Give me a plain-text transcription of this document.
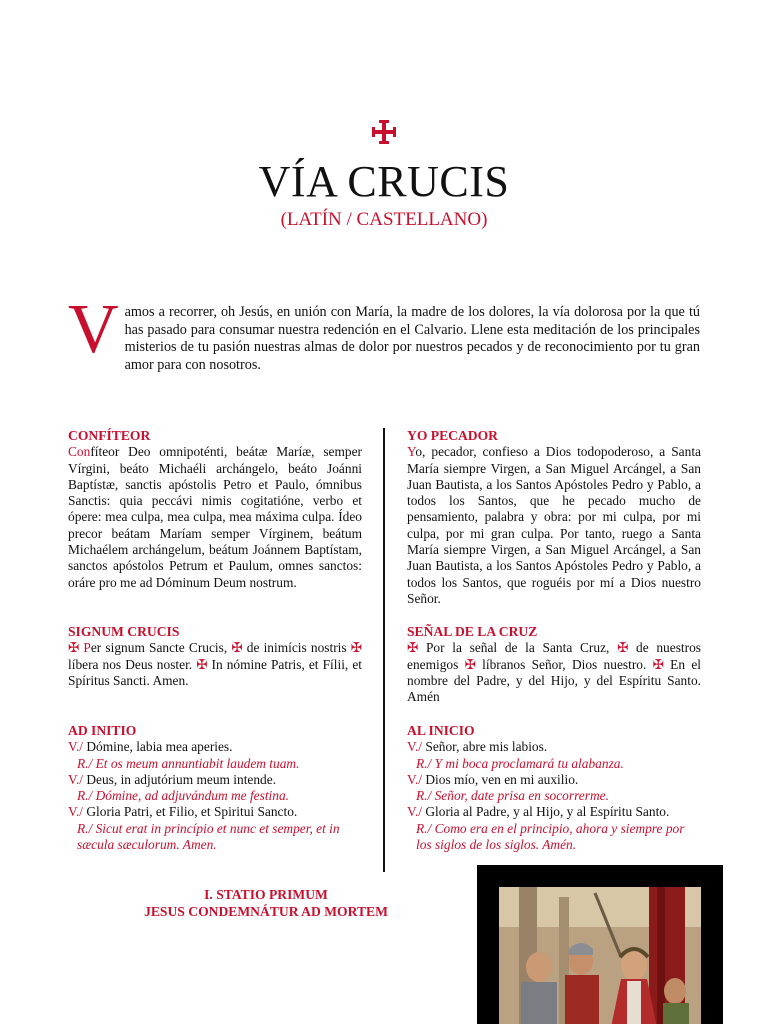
VÍA CRUCIS
(LATÍN / CASTELLANO)
V amos a recorrer, oh Jesús, en unión con María, la madre de los dolores, la vía dolorosa por la que tú has pasado para consumar nuestra redención en el Calvario. Llene esta meditación de los principales misterios de tu pasión nuestras almas de dolor por nuestros pecados y de reconocimiento por tu gran amor para con nosotros.
CONFÍTEOR

Confíteor Deo omnipoténti, beátæ Maríæ, semper Vírgini, beáto Michaéli archángelo, beáto Joánni Baptístæ, sanctis apóstolis Petro et Paulo, ómnibus Sanctis: quia peccávi nimis cogitatióne, verbo et ópere: mea culpa, mea culpa, mea máxima culpa. Ídeo precor beátam Maríam semper Vírginem, beátum Michaélem archángelum, beátum Joánnem Baptístam, sanctos apóstolos Petrum et Paulum, omnes sanctos: oráre pro me ad Dóminum Deum nostrum.

SIGNUM CRUCIS

✠ Per signum Sancte Crucis, ✠ de inimícis nostris ✠ líbera nos Deus noster. ✠ In nómine Patris, et Fílii, et Spíritus Sancti. Amen.

AD INITIO
V./ Dómine, labia mea aperies.
R./ Et os meum annuntiabit laudem tuam.
V./ Deus, in adjutórium meum intende.
R./ Dómine, ad adjuvándum me festina.
V./ Gloria Patri, et Filio, et Spiritui Sancto.
R./ Sicut erat in princípio et nunc et semper, et in sæcula sæculorum. Amen.
YO PECADOR

Yo, pecador, confieso a Dios todopoderoso, a Santa María siempre Virgen, a San Miguel Arcángel, a San Juan Bautista, a los Santos Apóstoles Pedro y Pablo, a todos los Santos, que he pecado mucho de pensamiento, palabra y obra: por mi culpa, por mi culpa, por mi gran culpa. Por tanto, ruego a Santa María siempre Virgen, a San Miguel Arcángel, a San Juan Bautista, a los Santos Apóstoles Pedro y Pablo, a todos los Santos, que roguéis por mí a Dios nuestro Señor.

SEÑAL DE LA CRUZ

✠ Por la señal de la Santa Cruz, ✠ de nuestros enemigos ✠ líbranos Señor, Dios nuestro. ✠ En el nombre del Padre, y del Hijo, y del Espíritu Santo. Amén

AL INICIO
V./ Señor, abre mis labios.
R./ Y mi boca proclamará tu alabanza.
V./ Dios mío, ven en mi auxilio.
R./ Señor, date prisa en socorrerme.
V./ Gloria al Padre, y al Hijo, y al Espíritu Santo.
R./ Como era en el principio, ahora y siempre por los siglos de los siglos. Amén.
I. STATIO PRIMUM
JESUS CONDEMNÁTUR AD MORTEM
